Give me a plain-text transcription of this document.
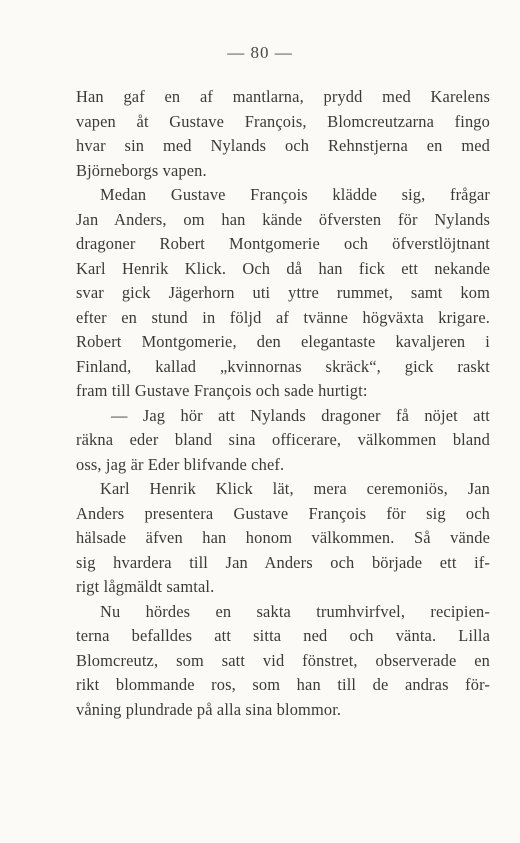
— 80 —
Han gaf en af mantlarna, prydd med Karelens
vapen åt Gustave François, Blomcreutzarna fingo
hvar sin med Nylands och Rehnstjerna en med
Björneborgs vapen.
Medan Gustave François klädde sig, frågar
Jan Anders, om han kände öfversten för Nylands
dragoner Robert Montgomerie och öfverstlöjtnant
Karl Henrik Klick. Och då han fick ett nekande
svar gick Jägerhorn uti yttre rummet, samt kom
efter en stund in följd af tvänne högväxta krigare.
Robert Montgomerie, den elegantaste kavaljeren i
Finland, kallad „kvinnornas skräck“, gick raskt
fram till Gustave François och sade hurtigt:
— Jag hör att Nylands dragoner få nöjet att
räkna eder bland sina officerare, välkommen bland
oss, jag är Eder blifvande chef.
Karl Henrik Klick lät, mera ceremoniös, Jan
Anders presentera Gustave François för sig och
hälsade äfven han honom välkommen. Så vände
sig hvardera till Jan Anders och började ett if-
rigt lågmäldt samtal.
Nu hördes en sakta trumhvirfvel, recipien-
terna befalldes att sitta ned och vänta. Lilla
Blomcreutz, som satt vid fönstret, observerade en
rikt blommande ros, som han till de andras för-
våning plundrade på alla sina blommor.
